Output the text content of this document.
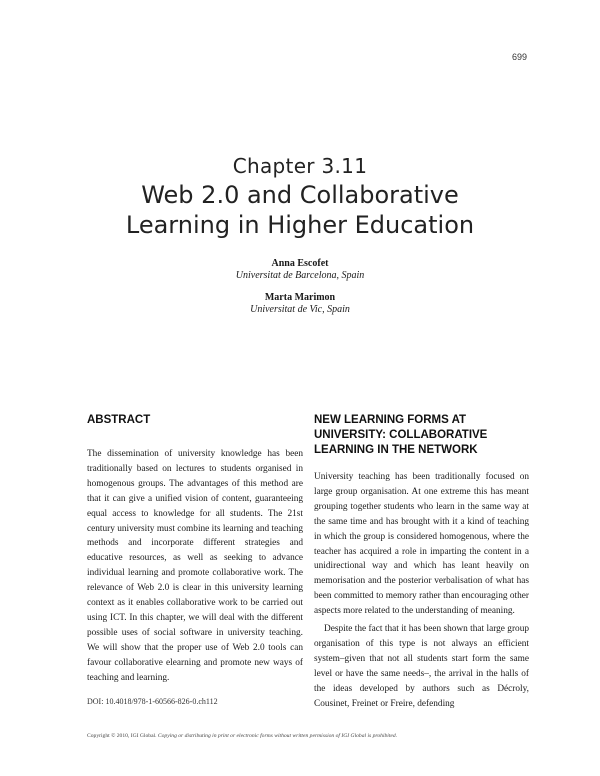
699
Chapter 3.11
Web 2.0 and Collaborative
Learning in Higher Education
Anna Escofet
Universitat de Barcelona, Spain
Marta Marimon
Universitat de Vic, Spain
ABSTRACT

The dissemination of university knowledge has been traditionally based on lectures to students organised in homogenous groups. The advantages of this method are that it can give a unified vision of content, guaranteeing equal access to knowledge for all students. The 21st century university must combine its learning and teaching methods and incorporate different strategies and educative resources, as well as seeking to advance individual learning and promote collaborative work. The relevance of Web 2.0 is clear in this university learning context as it enables collaborative work to be carried out using ICT. In this chapter, we will deal with the different possible uses of social software in university teaching. We will show that the proper use of Web 2.0 tools can favour collaborative elearning and promote new ways of teaching and learning.

DOI: 10.4018/978-1-60566-826-0.ch112
NEW LEARNING FORMS AT UNIVERSITY: COLLABORATIVE LEARNING IN THE NETWORK

University teaching has been traditionally focused on large group organisation. At one extreme this has meant grouping together students who learn in the same way at the same time and has brought with it a kind of teaching in which the group is considered homogenous, where the teacher has acquired a role in imparting the content in a unidirectional way and which has leant heavily on memorisation and the posterior verbalisation of what has been committed to memory rather than encouraging other aspects more related to the understanding of meaning.

Despite the fact that it has been shown that large group organisation of this type is not always an efficient system–given that not all students start form the same level or have the same needs–, the arrival in the halls of the ideas developed by authors such as Décroly, Cousinet, Freinet or Freire, defending

Copyright © 2010, IGI Global. Copying or distributing in print or electronic forms without written permission of IGI Global is prohibited.
